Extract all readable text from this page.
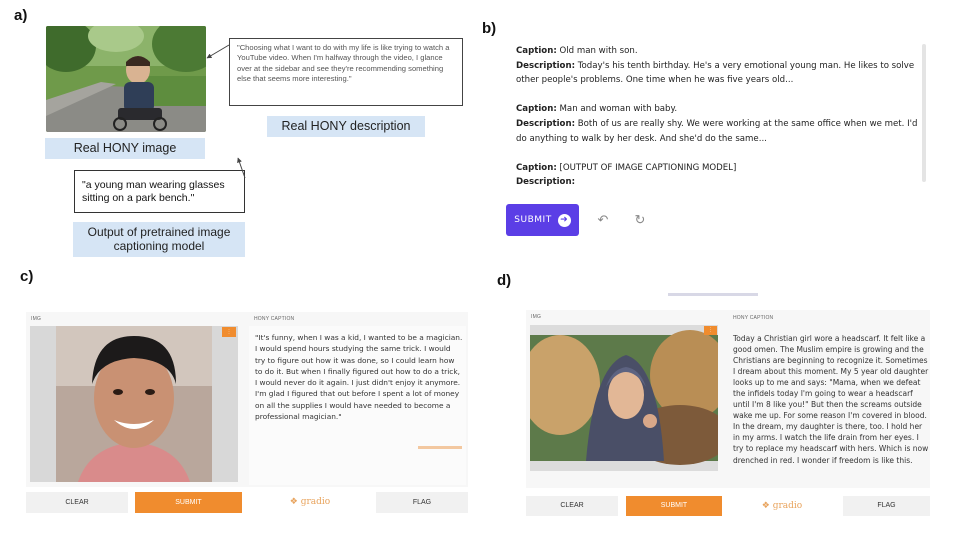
a)
b)
c)	d)
"Choosing what I want to do with my life is like trying to watch a YouTube video. When I'm halfway through the video, I glance over at the sidebar and see they're recommending something else that seems more interesting."
Real HONY description
Real HONY image
"a young man wearing glasses sitting on a park bench."
Output of pretrained image captioning model
Caption: Old man with son.
Description: Today's his tenth birthday. He's a very emotional young man. He likes to solve other people's problems. One time when he was five years old...
Caption: Man and woman with baby.
Description: Both of us are really shy. We were working at the same office when we met. I'd do anything to walk by her desk. And she'd do the same...
Caption: [OUTPUT OF IMAGE CAPTIONING MODEL]
Description:
SUBMIT ➜	↶	↻
IMG	HONY CAPTION
⋮
"It's funny, when I was a kid, I wanted to be a magician. I would spend hours studying the same trick. I would try to figure out how it was done, so I could learn how to do it. But when I finally figured out how to do a trick, I would never do it again. I just didn't enjoy it anymore. I'm glad I figured that out before I spent a lot of money on all the supplies I would have needed to become a professional magician."
CLEAR	SUBMIT	❖ gradio	FLAG
IMG	HONY CAPTION
⋮
Today a Christian girl wore a headscarf. It felt like a good omen. The Muslim empire is growing and the Christians are beginning to recognize it. Sometimes I dream about this moment. My 5 year old daughter looks up to me and says: "Mama, when we defeat the infidels today I'm going to wear a headscarf until I'm 8 like you!" But then the screams outside wake me up. For some reason I'm covered in blood. In the dream, my daughter is there, too. I hold her in my arms. I watch the life drain from her eyes. I try to replace my headscarf with hers. Which is now drenched in red. I wonder if freedom is like this.
CLEAR	SUBMIT	❖ gradio	FLAG
